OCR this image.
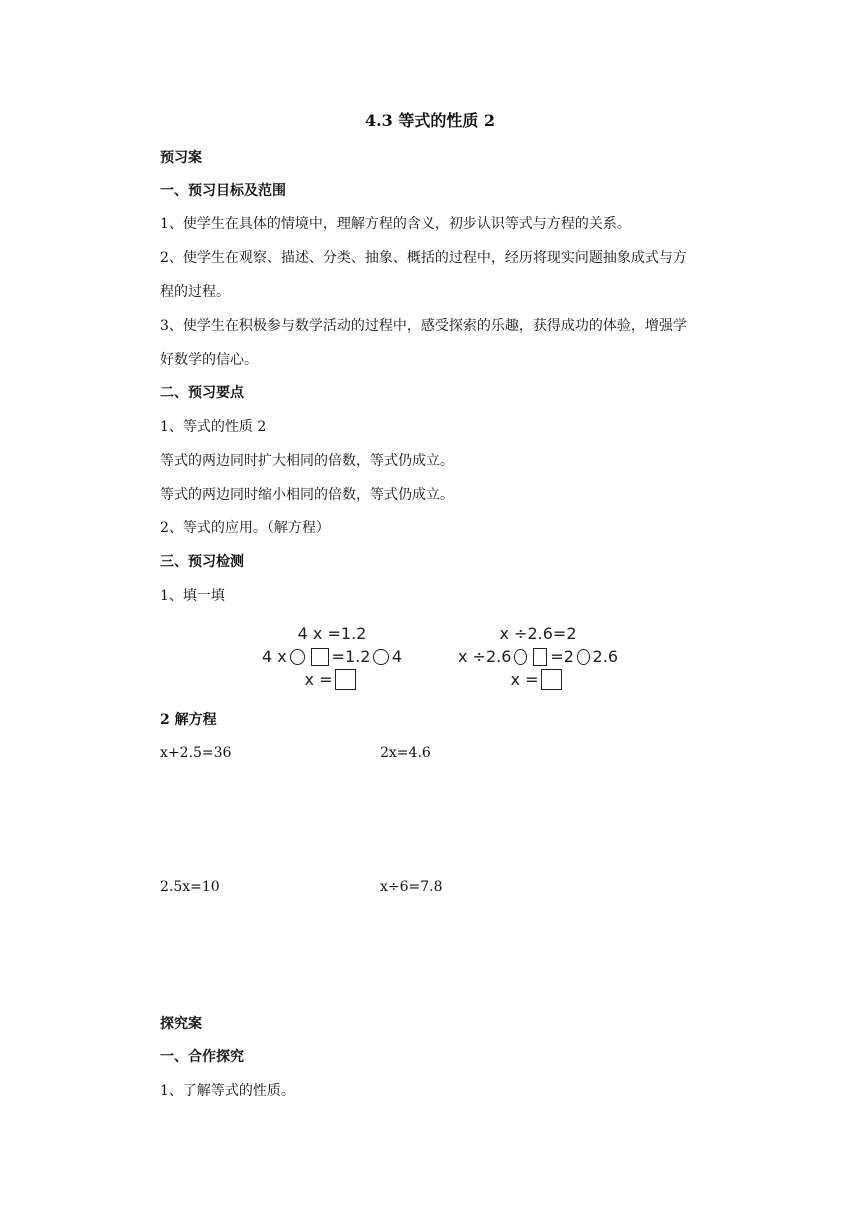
4.3 等式的性质 2
预习案
一、预习目标及范围
1、使学生在具体的情境中，理解方程的含义，初步认识等式与方程的关系。
2、使学生在观察、描述、分类、抽象、概括的过程中，经历将现实问题抽象成式与方
程的过程。
3、使学生在积极参与数学活动的过程中，感受探索的乐趣，获得成功的体验，增强学
好数学的信心。
二、预习要点
1、等式的性质 2
等式的两边同时扩大相同的倍数，等式仍成立。
等式的两边同时缩小相同的倍数，等式仍成立。
2、等式的应用。（解方程）
三、预习检测
1、填一填
4 x =1.2
4 x	=1.2 4
x =
x ÷2.6=2
x ÷2.6 =2 2.6
x =
2 解方程
x+2.5=36	2x=4.6
2.5x=10	x÷6=7.8
探究案
一、合作探究
1、了解等式的性质。
